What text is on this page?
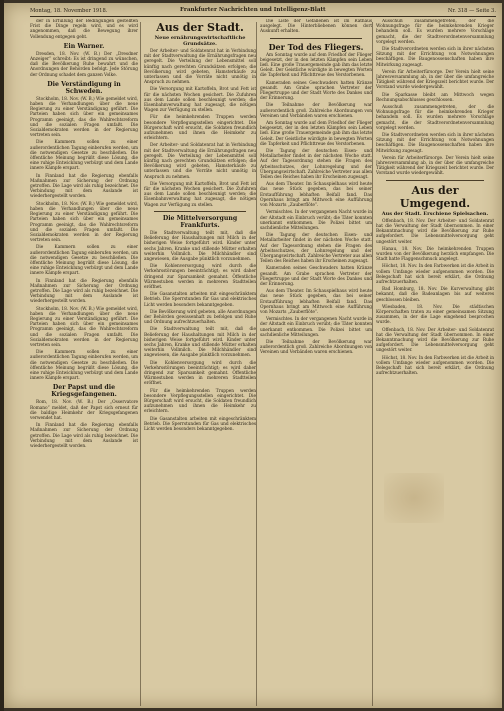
Montag, 18. November 1918.	Frankfurter Nachrichten und Intelligenz-Blatt	Nr. 318 — Seite 3.

der in Erfüllung der Bedingungen gestellten Frist die Dinge regeln wird, und es wird angenommen, daß die Bewegung ihrer Vollendung entgegen geht.

Ein Warner.

Dresden, 18. Nov. (W. B.) Der „Dresdner Anzeiger“ schreibt: Es ist dringend zu wünschen, daß die Bevölkerung Ruhe bewahrt und die Anordnungen der Behörden befolgt. Jede Störung der Ordnung schadet dem ganzen Volke.

Die Verständigung in Schweden.

Stockholm, 18. Nov. (W. B.) Wie gemeldet wird, haben die Verhandlungen über die neue Regierung zu einer Verständigung geführt. Die Parteien haben sich über ein gemeinsames Programm geeinigt, das die Wahlrechtsreform und die sozialen Fragen umfaßt. Die Sozialdemokraten werden in der Regierung vertreten sein.

Die Kammern sollen zu einer außerordentlichen Tagung einberufen werden, um die notwendigen Gesetze zu beschließen. Die öffentliche Meinung begrüßt diese Lösung, die eine ruhige Entwicklung verbürgt und dem Lande innere Kämpfe erspart.

In Finnland hat die Regierung ebenfalls Maßnahmen zur Sicherung der Ordnung getroffen. Die Lage wird als ruhig bezeichnet. Die Verbindung mit dem Auslande ist wiederhergestellt worden.

Stockholm, 18. Nov. (W. B.) Wie gemeldet wird, haben die Verhandlungen über die neue Regierung zu einer Verständigung geführt. Die Parteien haben sich über ein gemeinsames Programm geeinigt, das die Wahlrechtsreform und die sozialen Fragen umfaßt. Die Sozialdemokraten werden in der Regierung vertreten sein.

Die Kammern sollen zu einer außerordentlichen Tagung einberufen werden, um die notwendigen Gesetze zu beschließen. Die öffentliche Meinung begrüßt diese Lösung, die eine ruhige Entwicklung verbürgt und dem Lande innere Kämpfe erspart.

In Finnland hat die Regierung ebenfalls Maßnahmen zur Sicherung der Ordnung getroffen. Die Lage wird als ruhig bezeichnet. Die Verbindung mit dem Auslande ist wiederhergestellt worden.

Stockholm, 18. Nov. (W. B.) Wie gemeldet wird, haben die Verhandlungen über die neue Regierung zu einer Verständigung geführt. Die Parteien haben sich über ein gemeinsames Programm geeinigt, das die Wahlrechtsreform und die sozialen Fragen umfaßt. Die Sozialdemokraten werden in der Regierung vertreten sein.

Die Kammern sollen zu einer außerordentlichen Tagung einberufen werden, um die notwendigen Gesetze zu beschließen. Die öffentliche Meinung begrüßt diese Lösung, die eine ruhige Entwicklung verbürgt und dem Lande innere Kämpfe erspart.

Der Papst und die Kriegsgefangenen.

Rom, 18. Nov. (W. B.) Der „Osservatore Romano“ meldet, daß der Papst sich erneut für die baldige Heimkehr der Kriegsgefangenen verwendet hat.

In Finnland hat die Regierung ebenfalls Maßnahmen zur Sicherung der Ordnung getroffen. Die Lage wird als ruhig bezeichnet. Die Verbindung mit dem Auslande ist wiederhergestellt worden.

Aus der Stadt.
Neue ernährungswirtschaftliche Grundsätze.

Der Arbeiter- und Soldatenrat hat in Verbindung mit der Stadtverwaltung die Ernährungsfragen neu geregelt. Die Verteilung der Lebensmittel soll künftig nach gerechten Grundsätzen erfolgen; die Bevölkerung wird gebeten, Hamsterkäufe zu unterlassen und die Vorräte nicht unnötig in Anspruch zu nehmen.

Die Versorgung mit Kartoffeln, Brot und Fett ist für die nächsten Wochen gesichert. Die Zufuhren aus dem Lande sollen beschleunigt werden; die Eisenbahnverwaltung hat zugesagt, die nötigen Wagen zur Verfügung zu stellen.

Für die heimkehrenden Truppen werden besondere Verpflegungsstellen eingerichtet. Die Bürgerschaft wird ersucht, die Soldaten freundlich aufzunehmen und ihnen die Heimkehr zu erleichtern.

Der Arbeiter- und Soldatenrat hat in Verbindung mit der Stadtverwaltung die Ernährungsfragen neu geregelt. Die Verteilung der Lebensmittel soll künftig nach gerechten Grundsätzen erfolgen; die Bevölkerung wird gebeten, Hamsterkäufe zu unterlassen und die Vorräte nicht unnötig in Anspruch zu nehmen.

Die Versorgung mit Kartoffeln, Brot und Fett ist für die nächsten Wochen gesichert. Die Zufuhren aus dem Lande sollen beschleunigt werden; die Eisenbahnverwaltung hat zugesagt, die nötigen Wagen zur Verfügung zu stellen.

Die Mittelversorgung Frankfurts.

Die Stadtverwaltung teilt mit, daß die Belieferung der Haushaltungen mit Milch in der bisherigen Weise fortgeführt wird. Kinder unter sechs Jahren, Kranke und stillende Mütter erhalten weiterhin Vollmilch. Die Milchhändler sind angewiesen, die Ausgabe pünktlich vorzunehmen.

Die Kohlenversorgung wird durch die Verkehrsstörungen beeinträchtigt; es wird daher dringend zur Sparsamkeit gemahnt. Öffentliche Wärmestuben werden in mehreren Stadtteilen eröffnet.

Die Gasanstalten arbeiten mit eingeschränktem Betrieb. Die Sperrstunden für Gas und elektrisches Licht werden besonders bekanntgegeben.

Die Bevölkerung wird gebeten, alle Anordnungen der Behörden gewissenhaft zu befolgen und Ruhe und Ordnung aufrechtzuerhalten.

Die Stadtverwaltung teilt mit, daß die Belieferung der Haushaltungen mit Milch in der bisherigen Weise fortgeführt wird. Kinder unter sechs Jahren, Kranke und stillende Mütter erhalten weiterhin Vollmilch. Die Milchhändler sind angewiesen, die Ausgabe pünktlich vorzunehmen.

Die Kohlenversorgung wird durch die Verkehrsstörungen beeinträchtigt; es wird daher dringend zur Sparsamkeit gemahnt. Öffentliche Wärmestuben werden in mehreren Stadtteilen eröffnet.

Für die heimkehrenden Truppen werden besondere Verpflegungsstellen eingerichtet. Die Bürgerschaft wird ersucht, die Soldaten freundlich aufzunehmen und ihnen die Heimkehr zu erleichtern.

Die Gasanstalten arbeiten mit eingeschränktem Betrieb. Die Sperrstunden für Gas und elektrisches Licht werden besonders bekanntgegeben.

Die Liste der Gefallenen ist im Rathaus ausgelegt. Die Hinterbliebenen können dort Auskunft erhalten.

Der Tod des Fliegers.

Am Sonntag wurde auf dem Friedhof der Flieger beigesetzt, der in den letzten Kämpfen sein Leben ließ. Eine große Trauergemeinde gab ihm das letzte Geleit. Der Geistliche würdigte in bewegten Worten die Tapferkeit und Pflichttreue des Verstorbenen.

Kameraden seines Geschwaders hatten Kränze gesandt. Am Grabe sprachen Vertreter der Fliegertruppe und der Stadt Worte des Dankes und der Erinnerung.

Die Teilnahme der Bevölkerung war außerordentlich groß. Zahlreiche Abordnungen von Vereinen und Verbänden waren erschienen.

Am Sonntag wurde auf dem Friedhof der Flieger beigesetzt, der in den letzten Kämpfen sein Leben ließ. Eine große Trauergemeinde gab ihm das letzte Geleit. Der Geistliche würdigte in bewegten Worten die Tapferkeit und Pflichttreue des Verstorbenen.

Die Tagung der deutschen Eisen- und Metallarbeiter findet in der nächsten Woche statt. Auf der Tagesordnung stehen die Fragen des Arbeitsschutzes, der Lohnregelung und der Übergangswirtschaft. Zahlreiche Vertreter aus allen Teilen des Reiches haben ihr Erscheinen zugesagt.

Aus dem Theater. Im Schauspielhaus wird heute das neue Stück gegeben, das bei seiner Erstaufführung lebhaften Beifall fand. Das Opernhaus bringt am Mittwoch eine Aufführung von Mozarts „Zauberflöte“.

Vermischtes. In der vergangenen Nacht wurde in der Altstadt ein Einbruch verübt; die Täter konnten unerkannt entkommen. Die Polizei bittet um sachdienliche Mitteilungen.

Die Tagung der deutschen Eisen- und Metallarbeiter findet in der nächsten Woche statt. Auf der Tagesordnung stehen die Fragen des Arbeitsschutzes, der Lohnregelung und der Übergangswirtschaft. Zahlreiche Vertreter aus allen Teilen des Reiches haben ihr Erscheinen zugesagt.

Kameraden seines Geschwaders hatten Kränze gesandt. Am Grabe sprachen Vertreter der Fliegertruppe und der Stadt Worte des Dankes und der Erinnerung.

Aus dem Theater. Im Schauspielhaus wird heute das neue Stück gegeben, das bei seiner Erstaufführung lebhaften Beifall fand. Das Opernhaus bringt am Mittwoch eine Aufführung von Mozarts „Zauberflöte“.

Vermischtes. In der vergangenen Nacht wurde in der Altstadt ein Einbruch verübt; die Täter konnten unerkannt entkommen. Die Polizei bittet um sachdienliche Mitteilungen.

Die Teilnahme der Bevölkerung war außerordentlich groß. Zahlreiche Abordnungen von Vereinen und Verbänden waren erschienen.

Ausschuß zusammengetreten, der die Wohnungsfrage für die heimkehrenden Krieger behandeln soll. Es wurden mehrere Vorschläge gemacht, die der Stadtverordnetenversammlung vorgelegt werden.

Die Stadtverordneten werden sich in ihrer nächsten Sitzung mit der Errichtung von Notwohnungen beschäftigen. Die Baugenossenschaften haben ihre Mitwirkung zugesagt.

Verein für Arbeiterfürsorge. Der Verein hielt seine Jahresversammlung ab, in der über die umfangreiche Tätigkeit während der Kriegszeit berichtet wurde. Der Vorstand wurde wiedergewählt.

Die Sparkasse bleibt am Mittwoch wegen Rechnungsabschlusses geschlossen.

Ausschuß zusammengetreten, der die Wohnungsfrage für die heimkehrenden Krieger behandeln soll. Es wurden mehrere Vorschläge gemacht, die der Stadtverordnetenversammlung vorgelegt werden.

Die Stadtverordneten werden sich in ihrer nächsten Sitzung mit der Errichtung von Notwohnungen beschäftigen. Die Baugenossenschaften haben ihre Mitwirkung zugesagt.

Verein für Arbeiterfürsorge. Der Verein hielt seine Jahresversammlung ab, in der über die umfangreiche Tätigkeit während der Kriegszeit berichtet wurde. Der Vorstand wurde wiedergewählt.

Aus der Umgegend.
Aus der Stadt. Erschiene Spielsachen.

Offenbach, 18. Nov. Der Arbeiter- und Soldatenrat hat die Verwaltung der Stadt übernommen. In einer Bekanntmachung wird die Bevölkerung zur Ruhe aufgefordert. Die Lebensmittelversorgung geht ungestört weiter.

Hanau, 18. Nov. Die heimkehrenden Truppen wurden von der Bevölkerung herzlich empfangen. Die Stadt hatte Flaggenschmuck angelegt.

Höchst, 18. Nov. In den Farbwerken ist die Arbeit in vollem Umfange wieder aufgenommen worden. Die Belegschaft hat sich bereit erklärt, die Ordnung aufrechtzuerhalten.

Bad Homburg, 18. Nov. Die Kurverwaltung gibt bekannt, daß die Badeanlagen bis auf weiteres geschlossen bleiben.

Wiesbaden, 18. Nov. Die städtischen Körperschaften traten zu einer gemeinsamen Sitzung zusammen, in der die Lage eingehend besprochen wurde.

Offenbach, 18. Nov. Der Arbeiter- und Soldatenrat hat die Verwaltung der Stadt übernommen. In einer Bekanntmachung wird die Bevölkerung zur Ruhe aufgefordert. Die Lebensmittelversorgung geht ungestört weiter.

Höchst, 18. Nov. In den Farbwerken ist die Arbeit in vollem Umfange wieder aufgenommen worden. Die Belegschaft hat sich bereit erklärt, die Ordnung aufrechtzuerhalten.
